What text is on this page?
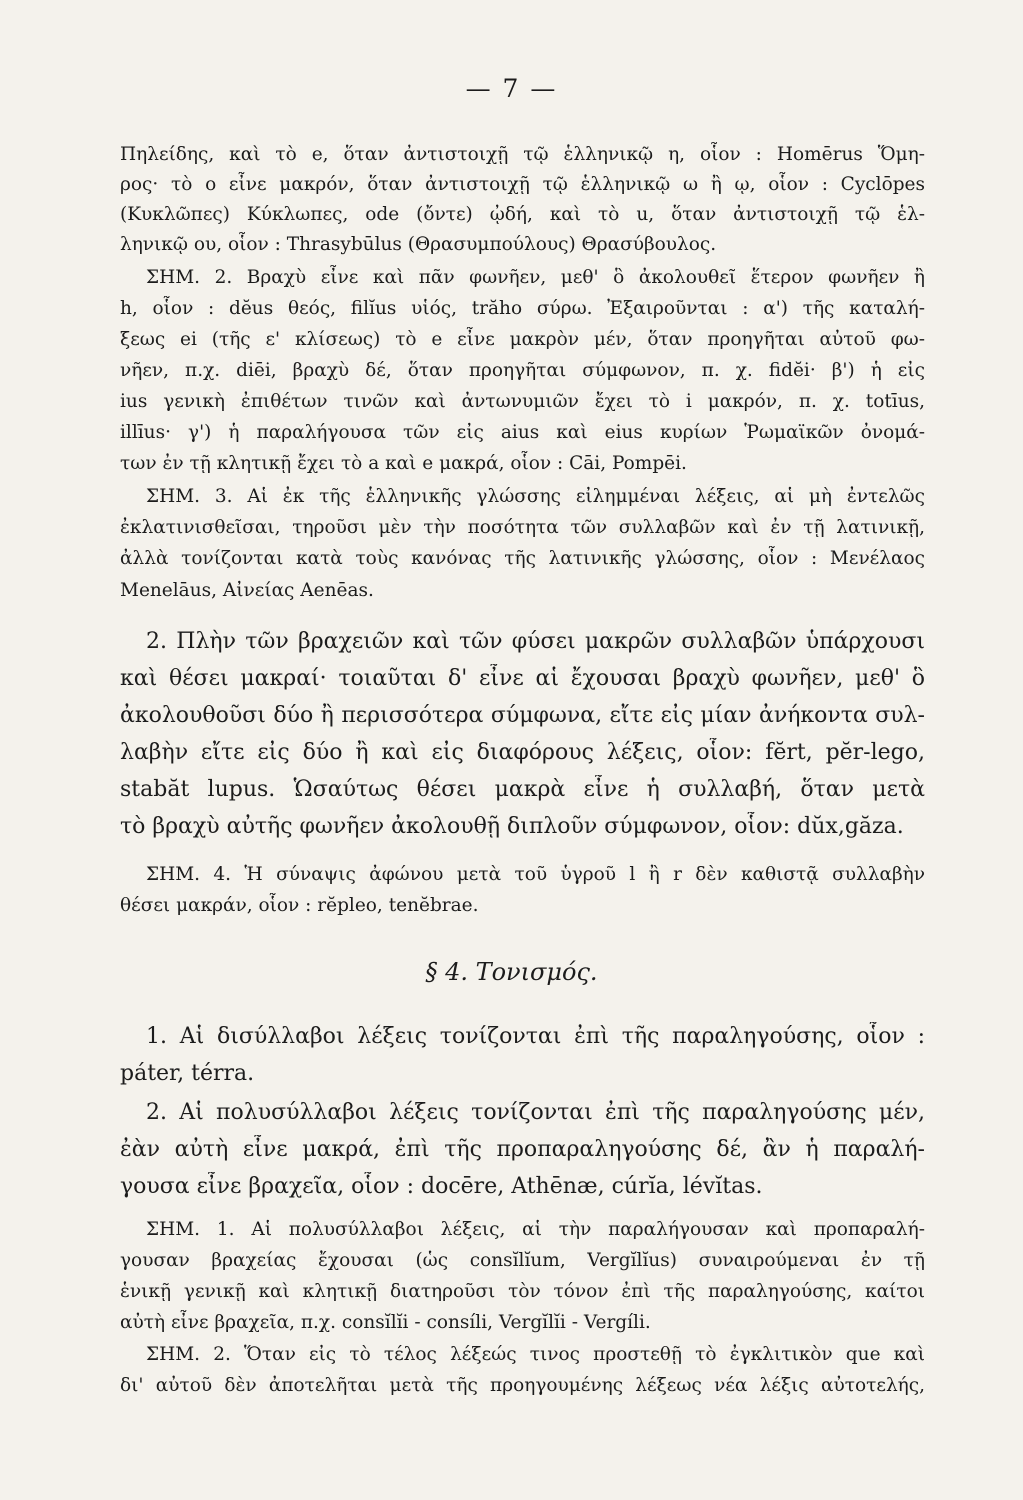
— 7 —
Πηλείδης, καὶ τὸ e, ὅταν ἀντιστοιχῇ τῷ ἑλληνικῷ η, οἷον : Homērus Ὅμη-
ρος· τὸ o εἶνε μακρόν, ὅταν ἀντιστοιχῇ τῷ ἑλληνικῷ ω ἢ ῳ, οἷον : Cyclōpes
(Κυκλῶπες) Κύκλωπες, ode (ὄντε) ᾠδή, καὶ τὸ u, ὅταν ἀντιστοιχῇ τῷ ἑλ-
ληνικῷ ου, οἷον : Thrasybūlus (Θρασυμπούλους) Θρασύβουλος.
ΣΗΜ. 2. Βραχὺ εἶνε καὶ πᾶν φωνῆεν, μεθ' ὃ ἀκολουθεῖ ἕτερον φωνῆεν ἢ
h, οἷον : dĕus θεός, filĭus υἱός, trăho σύρω. Ἐξαιροῦνται : α') τῆς καταλή-
ξεως ei (τῆς ε' κλίσεως) τὸ e εἶνε μακρὸν μέν, ὅταν προηγῆται αὐτοῦ φω-
νῆεν, π.χ. diēi, βραχὺ δέ, ὅταν προηγῆται σύμφωνον, π. χ. fidĕi· β') ἡ εἰς
ius γενικὴ ἐπιθέτων τινῶν καὶ ἀντωνυμιῶν ἔχει τὸ i μακρόν, π. χ. totīus,
illīus· γ') ἡ παραλήγουσα τῶν εἰς aius καὶ eius κυρίων Ῥωμαϊκῶν ὀνομά-
των ἐν τῇ κλητικῇ ἔχει τὸ a καὶ e μακρά, οἷον : Cāi, Pompēi.
ΣΗΜ. 3. Αἱ ἐκ τῆς ἑλληνικῆς γλώσσης εἰλημμέναι λέξεις, αἱ μὴ ἐντελῶς
ἐκλατινισθεῖσαι, τηροῦσι μὲν τὴν ποσότητα τῶν συλλαβῶν καὶ ἐν τῇ λατινικῇ,
ἀλλὰ τονίζονται κατὰ τοὺς κανόνας τῆς λατινικῆς γλώσσης, οἷον : Μενέλαος
Menelāus, Αἰνείας Aenēas.
2. Πλὴν τῶν βραχειῶν καὶ τῶν φύσει μακρῶν συλλαβῶν ὑπάρχουσι
καὶ θέσει μακραί· τοιαῦται δ' εἶνε αἱ ἔχουσαι βραχὺ φωνῆεν, μεθ' ὃ
ἀκολουθοῦσι δύο ἢ περισσότερα σύμφωνα, εἴτε εἰς μίαν ἀνήκοντα συλ-
λαβὴν εἴτε εἰς δύο ἢ καὶ εἰς διαφόρους λέξεις, οἷον: fĕrt, pĕr-lego,
stabăt lupus. Ὡσαύτως θέσει μακρὰ εἶνε ἡ συλλαβή, ὅταν μετὰ
τὸ βραχὺ αὐτῆς φωνῆεν ἀκολουθῇ διπλοῦν σύμφωνον, οἷον: dŭx,găza.
ΣΗΜ. 4. Ἡ σύναψις ἀφώνου μετὰ τοῦ ὑγροῦ l ἢ r δὲν καθιστᾷ συλλαβὴν
θέσει μακράν, οἷον : rĕpleo, tenĕbrae.
§ 4. Τονισμός.
1. Αἱ δισύλλαβοι λέξεις τονίζονται ἐπὶ τῆς παραληγούσης, οἷον :
páter, térra.
2. Αἱ πολυσύλλαβοι λέξεις τονίζονται ἐπὶ τῆς παραληγούσης μέν,
ἐὰν αὐτὴ εἶνε μακρά, ἐπὶ τῆς προπαραληγούσης δέ, ἂν ἡ παραλή-
γουσα εἶνε βραχεῖα, οἷον : docēre, Athēnæ, cúrĭa, lévĭtas.
ΣΗΜ. 1. Αἱ πολυσύλλαβοι λέξεις, αἱ τὴν παραλήγουσαν καὶ προπαραλή-
γουσαν βραχείας ἔχουσαι (ὡς consĭlĭum, Vergĭlĭus) συναιρούμεναι ἐν τῇ
ἑνικῇ γενικῇ καὶ κλητικῇ διατηροῦσι τὸν τόνον ἐπὶ τῆς παραληγούσης, καίτοι
αὐτὴ εἶνε βραχεῖα, π.χ. consĭlĭi - consíli, Vergĭlĭi - Vergíli.
ΣΗΜ. 2. Ὅταν εἰς τὸ τέλος λέξεώς τινος προστεθῇ τὸ ἐγκλιτικὸν que καὶ
δι' αὐτοῦ δὲν ἀποτελῆται μετὰ τῆς προηγουμένης λέξεως νέα λέξις αὐτοτελής,
